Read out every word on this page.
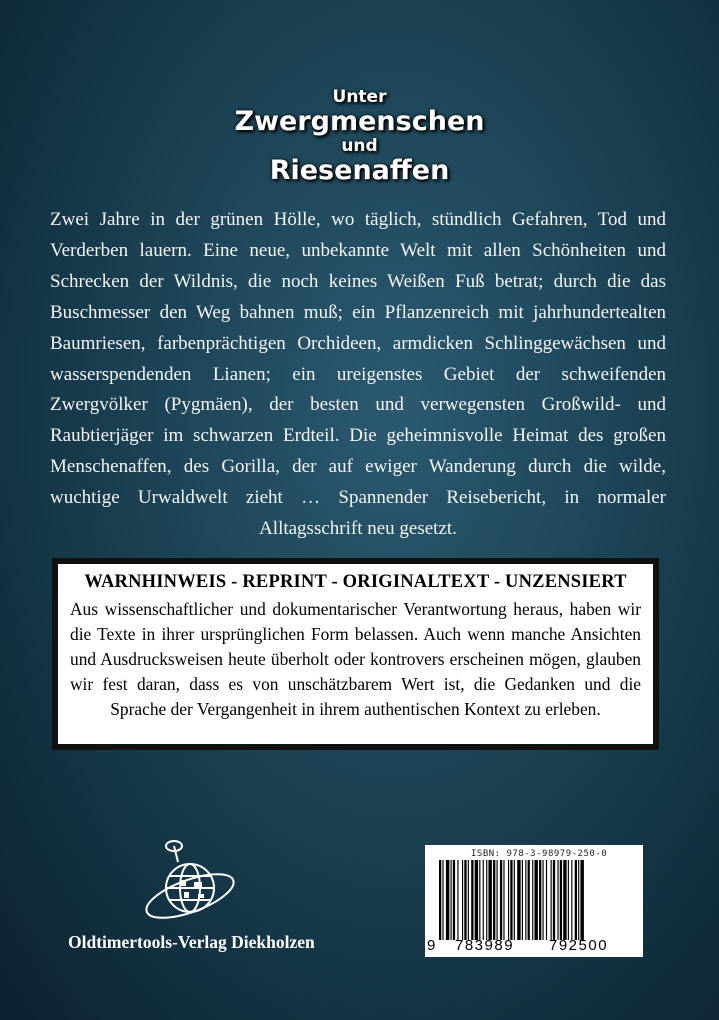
Unter
Zwergmenschen
und
Riesenaffen
Zwei Jahre in der grünen Hölle, wo täglich, stündlich Gefahren, Tod und Verderben lauern. Eine neue, unbekannte Welt mit allen Schönheiten und Schrecken der Wildnis, die noch keines Weißen Fuß betrat; durch die das Buschmesser den Weg bahnen muß; ein Pflanzenreich mit jahrhundertealten Baumriesen, farbenprächtigen Orchideen, armdicken Schlinggewächsen und wasserspendenden Lianen; ein ureigenstes Gebiet der schweifenden Zwergvölker (Pygmäen), der besten und verwegensten Großwild- und Raubtierjäger im schwarzen Erdteil. Die geheimnisvolle Heimat des großen Menschenaffen, des Gorilla, der auf ewiger Wanderung durch die wilde, wuchtige Urwaldwelt zieht … Spannender Reisebericht, in normaler Alltagsschrift neu gesetzt.
WARNHINWEIS - REPRINT - ORIGINALTEXT - UNZENSIERT
Aus wissenschaftlicher und dokumentarischer Verantwortung heraus, haben wir die Texte in ihrer ursprünglichen Form belassen. Auch wenn manche Ansichten und Ausdrucksweisen heute überholt oder kontrovers erscheinen mögen, glauben wir fest daran, dass es von unschätzbarem Wert ist, die Gedanken und die Sprache der Vergangenheit in ihrem authentischen Kontext zu erleben.
Oldtimertools-Verlag Diekholzen
ISBN: 978-3-98979-250-0
9 783989 792500
